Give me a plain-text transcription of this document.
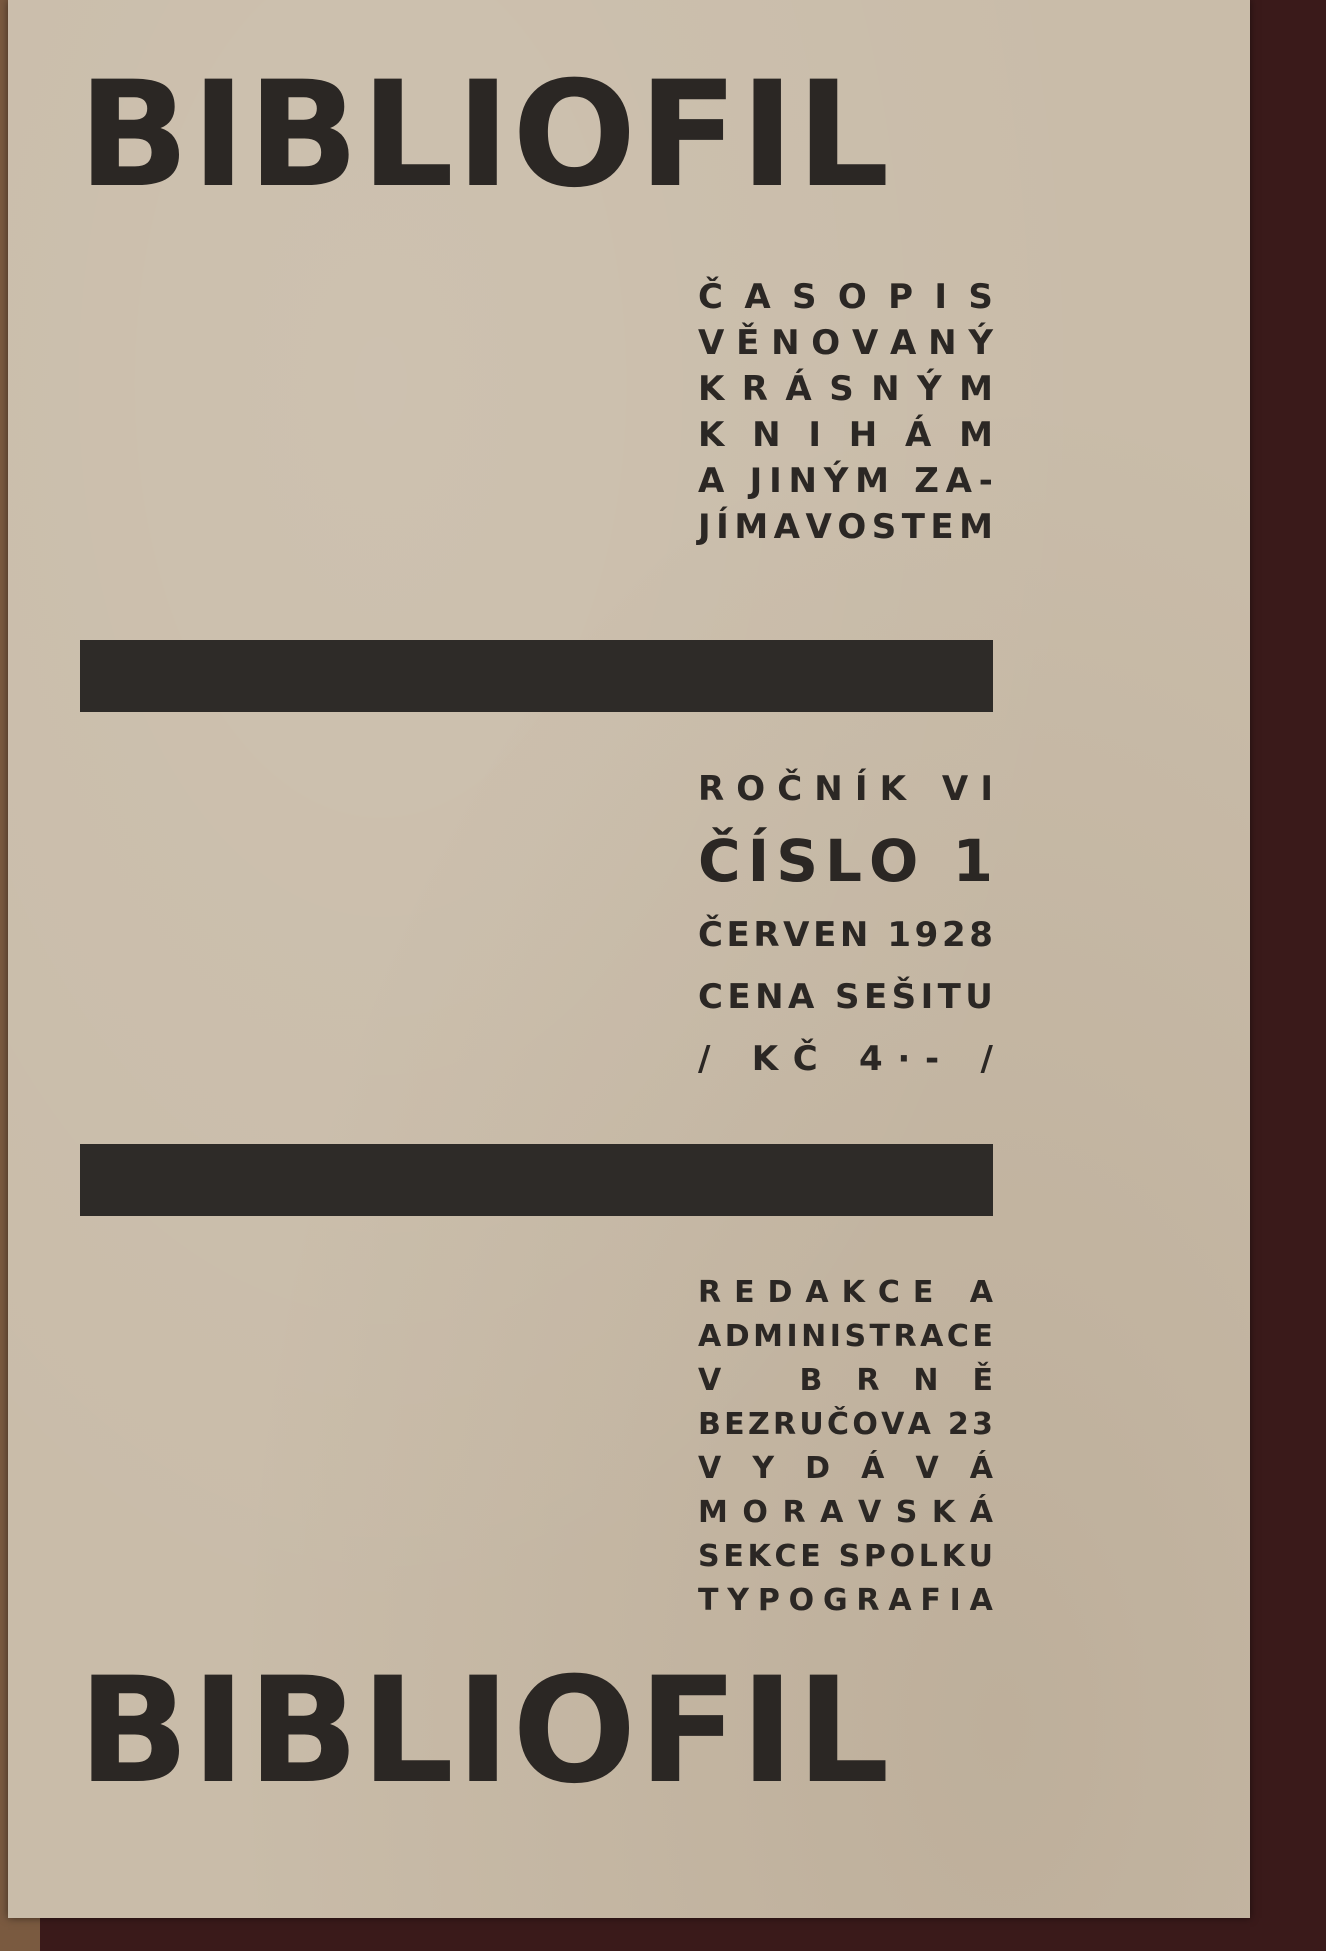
BIBLIOFIL
Č A S O P I S
V Ě N O V A N Ý
K R Á S N Ý M
K N I H Á M
A
J I N Ý M
Z A -
J Í M A V O S T E M
R O Č N Í K
V I
Č Í S L O
1
Č E R V E N
1 9 2 8
C E N A
S E Š I T U
/
K Č
4 · -
/
R E D A K C E
A
A D M I N I S T R A C E
V
	B R N Ě
B E Z R U Č O V A
2 3
V Y D Á V Á
M O R A V S K Á
S E K C E
S P O L K U
T Y P O G R A F I A
BIBLIOFIL
